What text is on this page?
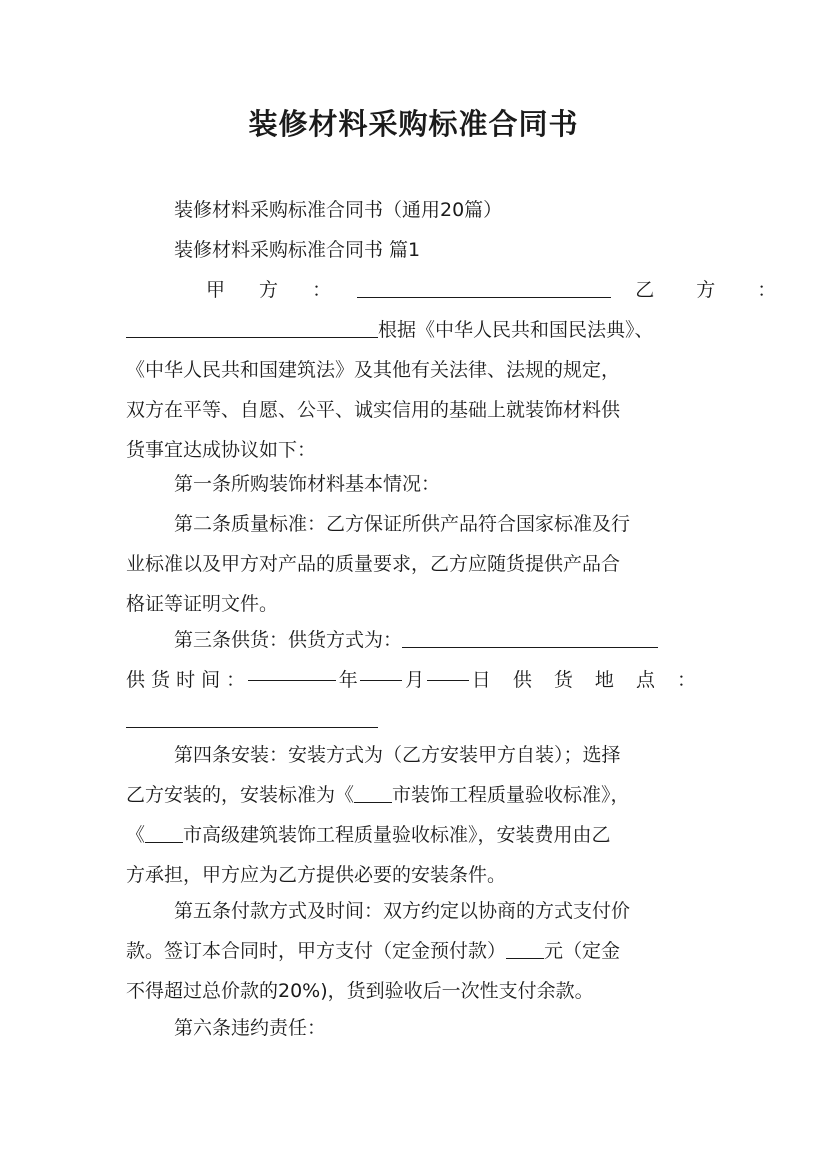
装修材料采购标准合同书
装修材料采购标准合同书（通用20篇）
装修材料采购标准合同书 篇1
甲 方 ：	乙 方 ：
根据《中华人民共和国民法典》、
《中华人民共和国建筑法》及其他有关法律、法规的规定，
双方在平等、自愿、公平、诚实信用的基础上就装饰材料供
货事宜达成协议如下：
第一条所购装饰材料基本情况：
第二条质量标准：乙方保证所供产品符合国家标准及行
业标准以及甲方对产品的质量要求，乙方应随货提供产品合
格证等证明文件。
第三条供货：供货方式为：
供 货 时 间 ：	年	月	日 供 货 地 点 ：
第四条安装：安装方式为（乙方安装甲方自装）；选择
乙方安装的，安装标准为《 市装饰工程质量验收标准》，
《 市高级建筑装饰工程质量验收标准》，安装费用由乙
方承担，甲方应为乙方提供必要的安装条件。
第五条付款方式及时间：双方约定以协商的方式支付价
款。签订本合同时，甲方支付（定金预付款） 元（定金
不得超过总价款的20%)，货到验收后一次性支付余款。
第六条违约责任：
